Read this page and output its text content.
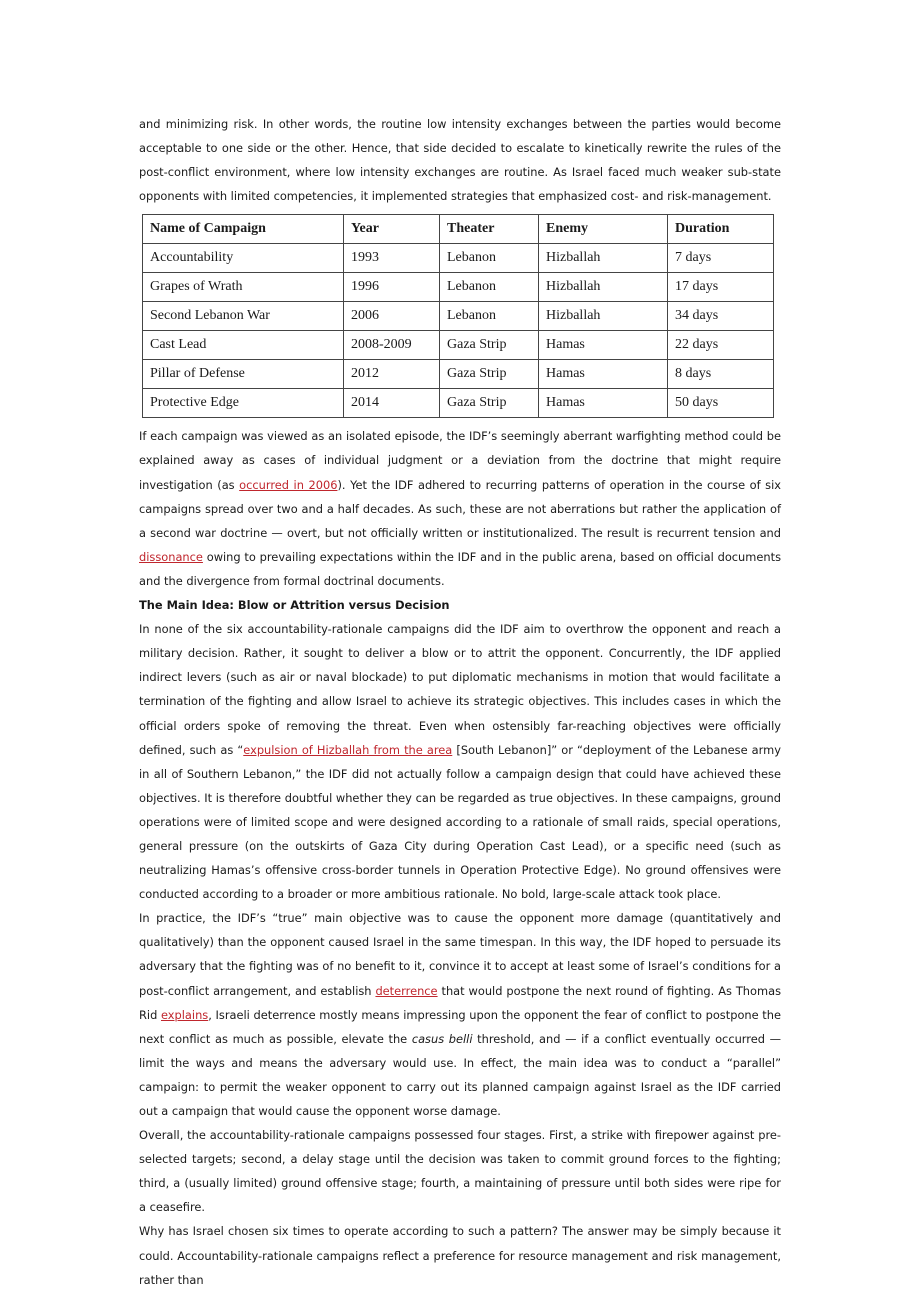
and minimizing risk. In other words, the routine low intensity exchanges between the parties would become acceptable to one side or the other. Hence, that side decided to escalate to kinetically rewrite the rules of the post-conflict environment, where low intensity exchanges are routine. As Israel faced much weaker sub-state opponents with limited competencies, it implemented strategies that emphasized cost- and risk-management.

Name of Campaign	Year	Theater	Enemy	Duration
Accountability	1993	Lebanon	Hizballah	7 days
Grapes of Wrath	1996	Lebanon	Hizballah	17 days
Second Lebanon War	2006	Lebanon	Hizballah	34 days
Cast Lead	2008-2009	Gaza Strip	Hamas	22 days
Pillar of Defense	2012	Gaza Strip	Hamas	8 days
Protective Edge	2014	Gaza Strip	Hamas	50 days

If each campaign was viewed as an isolated episode, the IDF’s seemingly aberrant warfighting method could be explained away as cases of individual judgment or a deviation from the doctrine that might require investigation (as occurred in 2006). Yet the IDF adhered to recurring patterns of operation in the course of six campaigns spread over two and a half decades. As such, these are not aberrations but rather the application of a second war doctrine — overt, but not officially written or institutionalized. The result is recurrent tension and dissonance owing to prevailing expectations within the IDF and in the public arena, based on official documents and the divergence from formal doctrinal documents.

The Main Idea: Blow or Attrition versus Decision

In none of the six accountability-rationale campaigns did the IDF aim to overthrow the opponent and reach a military decision. Rather, it sought to deliver a blow or to attrit the opponent. Concurrently, the IDF applied indirect levers (such as air or naval blockade) to put diplomatic mechanisms in motion that would facilitate a termination of the fighting and allow Israel to achieve its strategic objectives. This includes cases in which the official orders spoke of removing the threat. Even when ostensibly far-reaching objectives were officially defined, such as “expulsion of Hizballah from the area [South Lebanon]” or “deployment of the Lebanese army in all of Southern Lebanon,” the IDF did not actually follow a campaign design that could have achieved these objectives. It is therefore doubtful whether they can be regarded as true objectives. In these campaigns, ground operations were of limited scope and were designed according to a rationale of small raids, special operations, general pressure (on the outskirts of Gaza City during Operation Cast Lead), or a specific need (such as neutralizing Hamas’s offensive cross-border tunnels in Operation Protective Edge). No ground offensives were conducted according to a broader or more ambitious rationale. No bold, large-scale attack took place.

In practice, the IDF’s “true” main objective was to cause the opponent more damage (quantitatively and qualitatively) than the opponent caused Israel in the same timespan. In this way, the IDF hoped to persuade its adversary that the fighting was of no benefit to it, convince it to accept at least some of Israel’s conditions for a post-conflict arrangement, and establish deterrence that would postpone the next round of fighting. As Thomas Rid explains, Israeli deterrence mostly means impressing upon the opponent the fear of conflict to postpone the next conflict as much as possible, elevate the casus belli threshold, and — if a conflict eventually occurred — limit the ways and means the adversary would use. In effect, the main idea was to conduct a “parallel” campaign: to permit the weaker opponent to carry out its planned campaign against Israel as the IDF carried out a campaign that would cause the opponent worse damage.

Overall, the accountability-rationale campaigns possessed four stages. First, a strike with firepower against pre-selected targets; second, a delay stage until the decision was taken to commit ground forces to the fighting; third, a (usually limited) ground offensive stage; fourth, a maintaining of pressure until both sides were ripe for a ceasefire.

Why has Israel chosen six times to operate according to such a pattern? The answer may be simply because it could. Accountability-rationale campaigns reflect a preference for resource management and risk management, rather than
